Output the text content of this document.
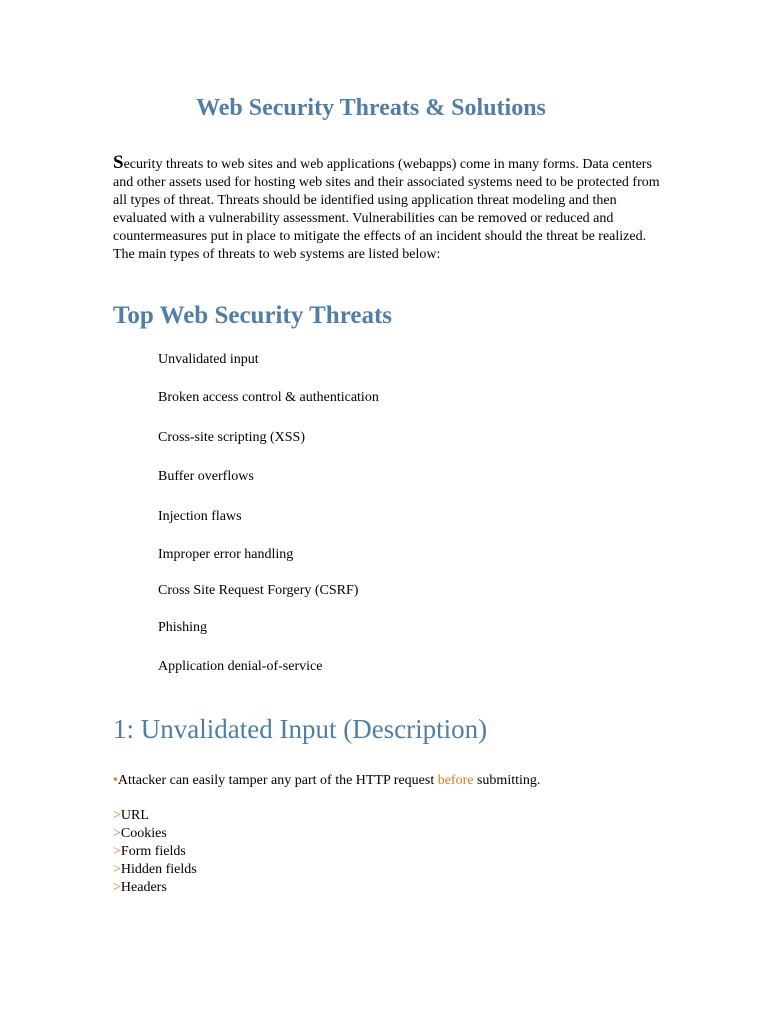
Web Security Threats & Solutions

Security threats to web sites and web applications (webapps) come in many forms. Data centers and other assets used for hosting web sites and their associated systems need to be protected from all types of threat. Threats should be identified using application threat modeling and then evaluated with a vulnerability assessment. Vulnerabilities can be removed or reduced and countermeasures put in place to mitigate the effects of an incident should the threat be realized. The main types of threats to web systems are listed below:

Top Web Security Threats
Unvalidated input
Broken access control & authentication
Cross-site scripting (XSS)
Buffer overflows
Injection flaws
Improper error handling
Cross Site Request Forgery (CSRF)
Phishing
Application denial-of-service
1: Unvalidated Input (Description)

•Attacker can easily tamper any part of the HTTP request before submitting.

>URL
>Cookies
>Form fields
>Hidden fields
>Headers
